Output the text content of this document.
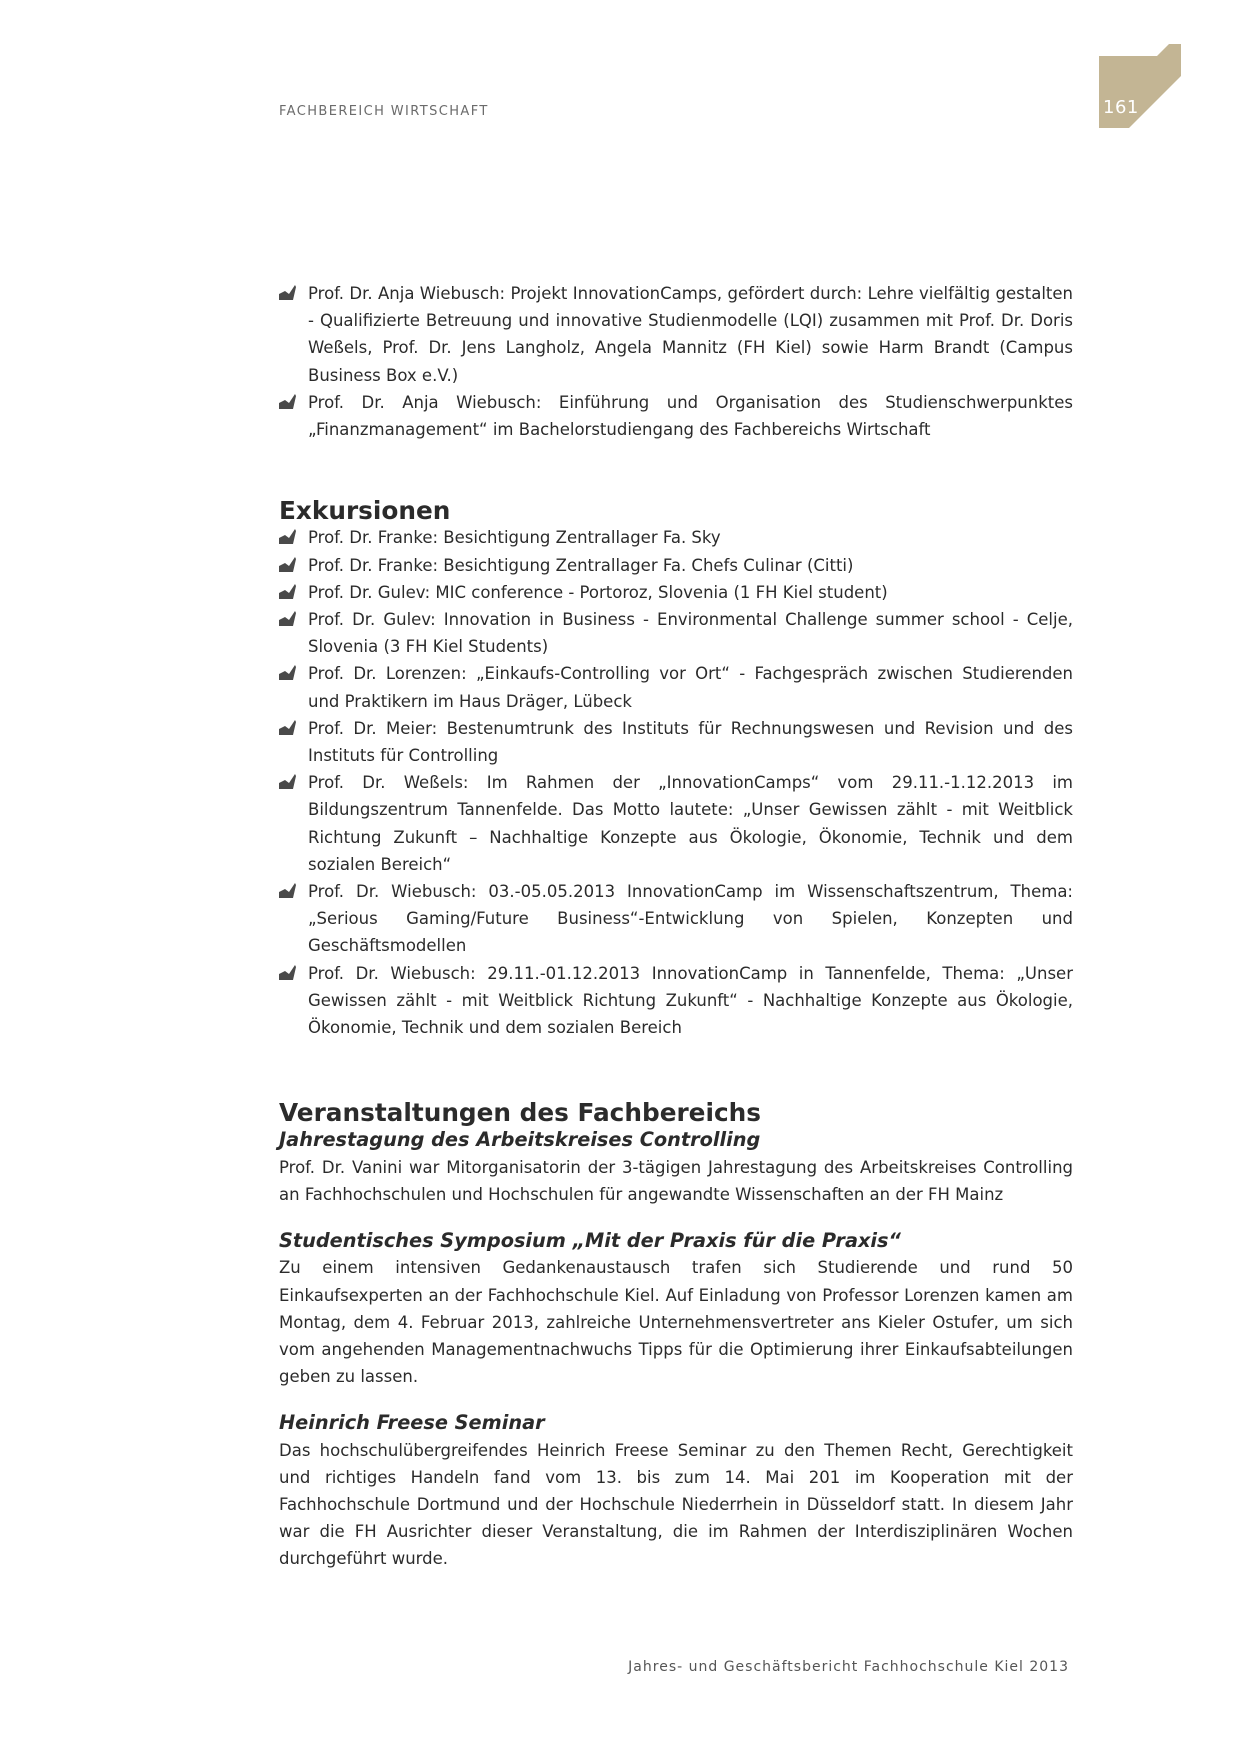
FACHBEREICH WIRTSCHAFT	161
Prof. Dr. Anja Wiebusch: Projekt InnovationCamps, gefördert durch: Lehre vielfältig gestalten - Qualifizierte Betreuung und innovative Studienmodelle (LQI) zusammen mit Prof. Dr. Doris Weßels, Prof. Dr. Jens Langholz, Angela Mannitz (FH Kiel) sowie Harm Brandt (Campus Business Box e.V.)
Prof. Dr. Anja Wiebusch: Einführung und Organisation des Studienschwerpunktes „Finanzmanagement“ im Bachelorstudiengang des Fachbereichs Wirtschaft
Exkursionen
Prof. Dr. Franke: Besichtigung Zentrallager Fa. Sky
Prof. Dr. Franke: Besichtigung Zentrallager Fa. Chefs Culinar (Citti)
Prof. Dr. Gulev: MIC conference - Portoroz, Slovenia (1 FH Kiel student)
Prof. Dr. Gulev: Innovation in Business - Environmental Challenge summer school - Celje, Slovenia (3 FH Kiel Students)
Prof. Dr. Lorenzen: „Einkaufs-Controlling vor Ort“ - Fachgespräch zwischen Studierenden und Praktikern im Haus Dräger, Lübeck
Prof. Dr. Meier: Bestenumtrunk des Instituts für Rechnungswesen und Revision und des Instituts für Controlling
Prof. Dr. Weßels: Im Rahmen der „InnovationCamps“ vom 29.11.-1.12.2013 im Bildungszentrum Tannenfelde. Das Motto lautete: „Unser Gewissen zählt - mit Weitblick Richtung Zukunft – Nachhaltige Konzepte aus Ökologie, Ökonomie, Technik und dem sozialen Bereich“
Prof. Dr. Wiebusch: 03.-05.05.2013 InnovationCamp im Wissenschaftszentrum, Thema: „Serious Gaming/Future Business“-Entwicklung von Spielen, Konzepten und Geschäftsmodellen
Prof. Dr. Wiebusch: 29.11.-01.12.2013 InnovationCamp in Tannenfelde, Thema: „Unser Gewissen zählt - mit Weitblick Richtung Zukunft“ - Nachhaltige Konzepte aus Ökologie, Ökonomie, Technik und dem sozialen Bereich
Veranstaltungen des Fachbereichs
Jahrestagung des Arbeitskreises Controlling

Prof. Dr. Vanini war Mitorganisatorin der 3-tägigen Jahrestagung des Arbeitskreises Controlling an Fachhochschulen und Hochschulen für angewandte Wissenschaften an der FH Mainz

Studentisches Symposium „Mit der Praxis für die Praxis“

Zu einem intensiven Gedankenaustausch trafen sich Studierende und rund 50 Einkaufsexperten an der Fachhochschule Kiel. Auf Einladung von Professor Lorenzen kamen am Montag, dem 4. Februar 2013, zahlreiche Unternehmensvertreter ans Kieler Ostufer, um sich vom angehenden Managementnachwuchs Tipps für die Optimierung ihrer Einkaufsabteilungen geben zu lassen.

Heinrich Freese Seminar

Das hochschulübergreifendes Heinrich Freese Seminar zu den Themen Recht, Gerechtigkeit und richtiges Handeln fand vom 13. bis zum 14. Mai 201 im Kooperation mit der Fachhochschule Dortmund und der Hochschule Niederrhein in Düsseldorf statt. In diesem Jahr war die FH Ausrichter dieser Veranstaltung, die im Rahmen der Interdisziplinären Wochen durchgeführt wurde.

Jahres- und Geschäftsbericht Fachhochschule Kiel 2013
